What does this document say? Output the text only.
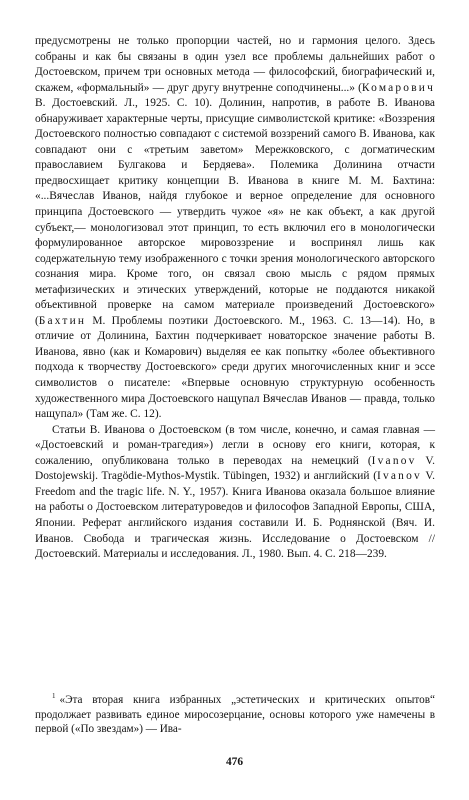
предусмотрены не только пропорции частей, но и гармония целого. Здесь собраны и как бы связаны в один узел все проблемы дальнейших работ о Достоевском, причем три основных метода — философский, биографический и, скажем, «формальный» — друг другу внутренне соподчинены...» (Комарович В. Достоевский. Л., 1925. С. 10). Долинин, напротив, в работе В. Иванова обнаруживает характерные черты, присущие символистской критике: «Воззрения Достоевского полностью совпадают с системой воззрений самого В. Иванова, как совпадают они с «третьим заветом» Мережковского, с догматическим православием Булгакова и Бердяева». Полемика Долинина отчасти предвосхищает критику концепции В. Иванова в книге М. М. Бахтина: «...Вячеслав Иванов, найдя глубокое и верное определение для основного принципа Достоевского — утвердить чужое «я» не как объект, а как другой субъект,— монологизовал этот принцип, то есть включил его в монологически формулированное авторское мировоззрение и воспринял лишь как содержательную тему изображенного с точки зрения монологического авторского сознания мира. Кроме того, он связал свою мысль с рядом прямых метафизических и этических утверждений, которые не поддаются никакой объективной проверке на самом материале произведений Достоевского» (Бахтин М. Проблемы поэтики Достоевского. М., 1963. С. 13—14). Но, в отличие от Долинина, Бахтин подчеркивает новаторское значение работы В. Иванова, явно (как и Комарович) выделяя ее как попытку «более объективного подхода к творчеству Достоевского» среди других многочисленных книг и эссе символистов о писателе: «Впервые основную структурную особенность художественного мира Достоевского нащупал Вячеслав Иванов — правда, только нащупал» (Там же. С. 12).

Статьи В. Иванова о Достоевском (в том числе, конечно, и самая главная — «Достоевский и роман-трагедия») легли в основу его книги, которая, к сожалению, опубликована только в переводах на немецкий (Ivanov V. Dostojewskij. Tragödie-Mythos-Mystik. Tübingen, 1932) и английский (Ivanov V. Freedom and the tragic life. N. Y., 1957). Книга Иванова оказала большое влияние на работы о Достоевском литературоведов и философов Западной Европы, США, Японии. Реферат английского издания составили И. Б. Роднянской (Вяч. И. Иванов. Свобода и трагическая жизнь. Исследование о Достоевском // Достоевский. Материалы и исследования. Л., 1980. Вып. 4. С. 218—239.

$^1$ «Эта вторая книга избранных „эстетических и критических опытов“ продолжает развивать единое миросозерцание, основы которого уже намечены в первой («По звездам») — Ива-

476
